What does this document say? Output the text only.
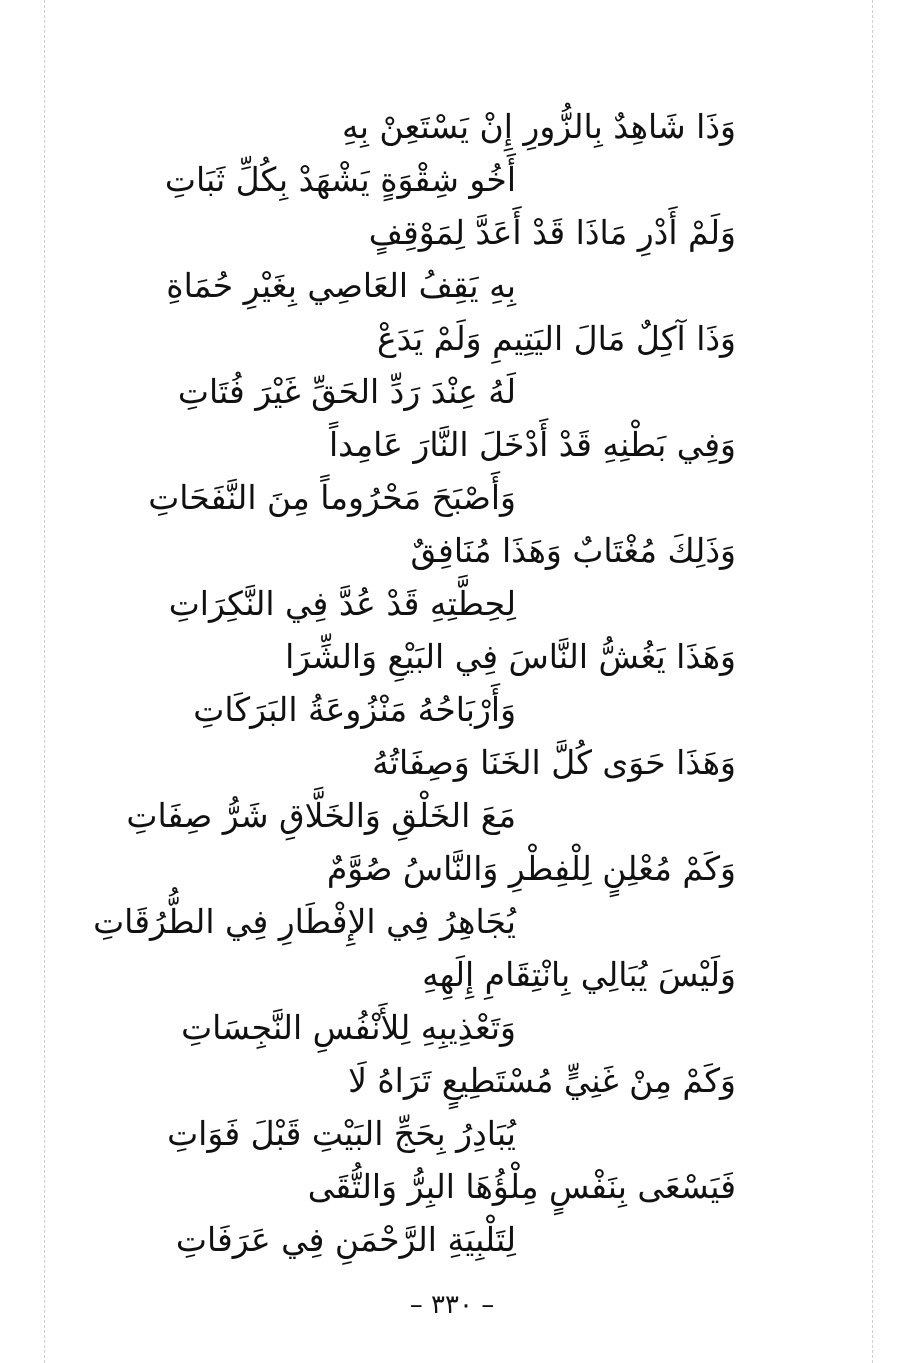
وَذَا شَاهِدٌ بِالزُّورِ إِنْ يَسْتَعِنْ بِهِ
أَخُو شِقْوَةٍ يَشْهَدْ بِكُلِّ ثَبَاتِ
وَلَمْ أَدْرِ مَاذَا قَدْ أَعَدَّ لِمَوْقِفٍ
بِهِ يَقِفُ العَاصِي بِغَيْرِ حُمَاةِ
وَذَا آكِلٌ مَالَ اليَتِيمِ وَلَمْ يَدَعْ
لَهُ عِنْدَ رَدِّ الحَقِّ غَيْرَ فُتَاتِ
وَفِي بَطْنِهِ قَدْ أَدْخَلَ النَّارَ عَامِداً
وَأَصْبَحَ مَحْرُوماً مِنَ النَّفَحَاتِ
وَذَلِكَ مُغْتَابٌ وَهَذَا مُنَافِقٌ
لِحِطَّتِهِ قَدْ عُدَّ فِي النَّكِرَاتِ
وَهَذَا يَغُشُّ النَّاسَ فِي البَيْعِ وَالشِّرَا
وَأَرْبَاحُهُ مَنْزُوعَةُ البَرَكَاتِ
وَهَذَا حَوَى كُلَّ الخَنَا وَصِفَاتُهُ
مَعَ الخَلْقِ وَالخَلَّاقِ شَرُّ صِفَاتِ
وَكَمْ مُعْلِنٍ لِلْفِطْرِ وَالنَّاسُ صُوَّمٌ
يُجَاهِرُ فِي الإِفْطَارِ فِي الطُّرُقَاتِ
وَلَيْسَ يُبَالِي بِانْتِقَامِ إِلَهِهِ
وَتَعْذِيبِهِ لِلأَنْفُسِ النَّجِسَاتِ
وَكَمْ مِنْ غَنِيٍّ مُسْتَطِيعٍ تَرَاهُ لَا
يُبَادِرُ بِحَجِّ البَيْتِ قَبْلَ فَوَاتِ
فَيَسْعَى بِنَفْسٍ مِلْؤُهَا البِرُّ وَالتُّقَى
لِتَلْبِيَةِ الرَّحْمَنِ فِي عَرَفَاتِ
– ٣٣٠ –
